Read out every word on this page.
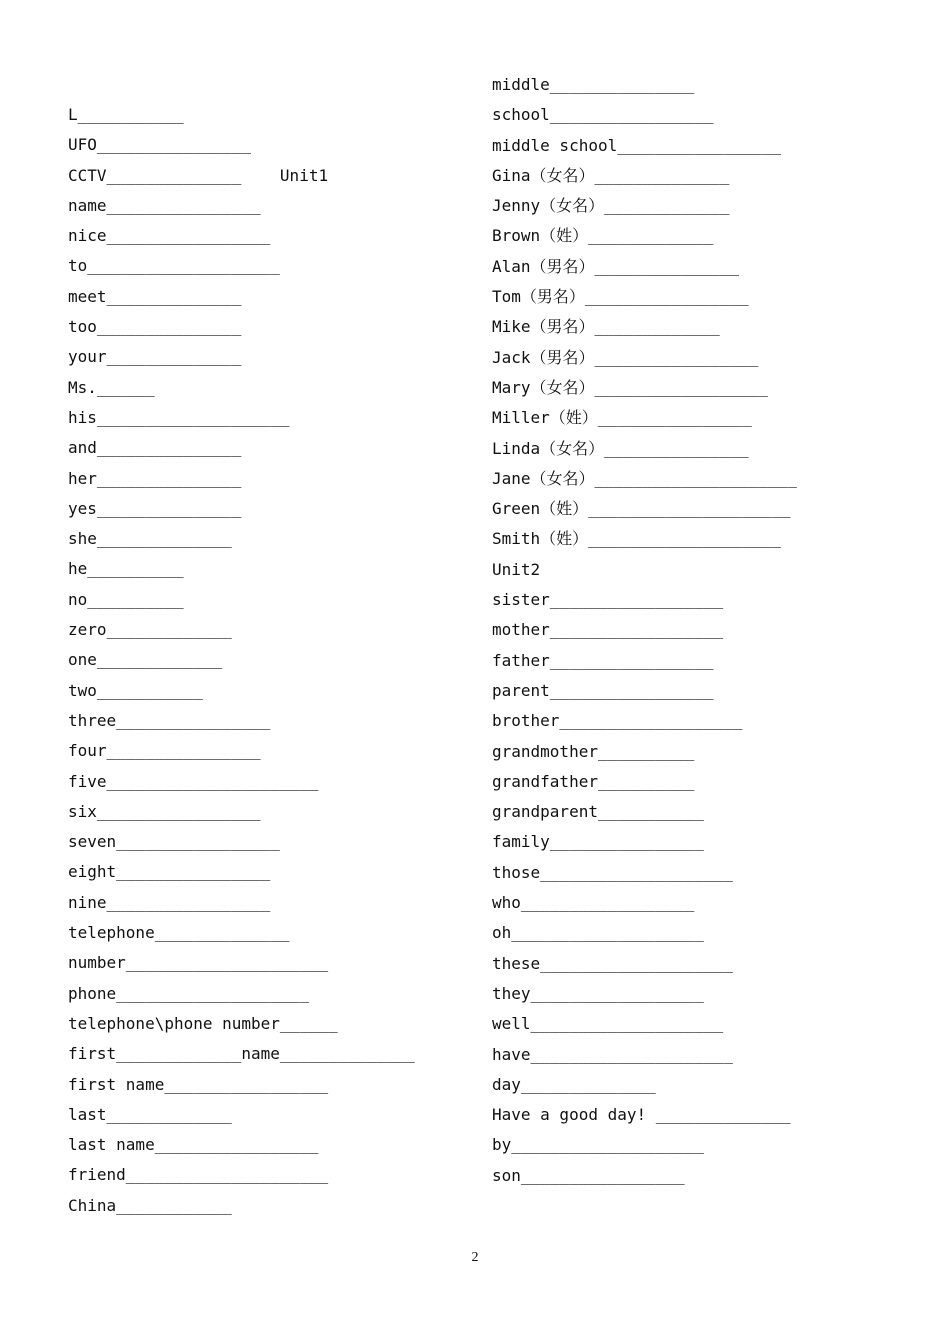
L___________
UFO________________
CCTV______________    Unit1
name________________
nice_________________
to____________________
meet______________
too_______________
your______________
Ms.______
his____________________
and_______________
her_______________
yes_______________
she______________
he__________
no__________
zero_____________
one_____________
two___________
three________________
four________________
five______________________
six_________________
seven_________________
eight________________
nine_________________
telephone______________
number_____________________
phone____________________
telephone\phone number______
first_____________name______________
first name_________________
last_____________
last name_________________
friend_____________________
China____________
middle_______________
school_________________
middle school_________________
Gina（女名）______________
Jenny（女名）_____________
Brown（姓）_____________
Alan（男名）_______________
Tom（男名）_________________
Mike（男名）_____________
Jack（男名）_________________
Mary（女名）__________________
Miller（姓）________________
Linda（女名）_______________
Jane（女名）_____________________
Green（姓）_____________________
Smith（姓）____________________
Unit2
sister__________________
mother__________________
father_________________
parent_________________
brother___________________
grandmother__________
grandfather__________
grandparent___________
family________________
those____________________
who__________________
oh____________________
these____________________
they__________________
well____________________
have_____________________
day______________
Have a good day! ______________
by____________________
son_________________
2
